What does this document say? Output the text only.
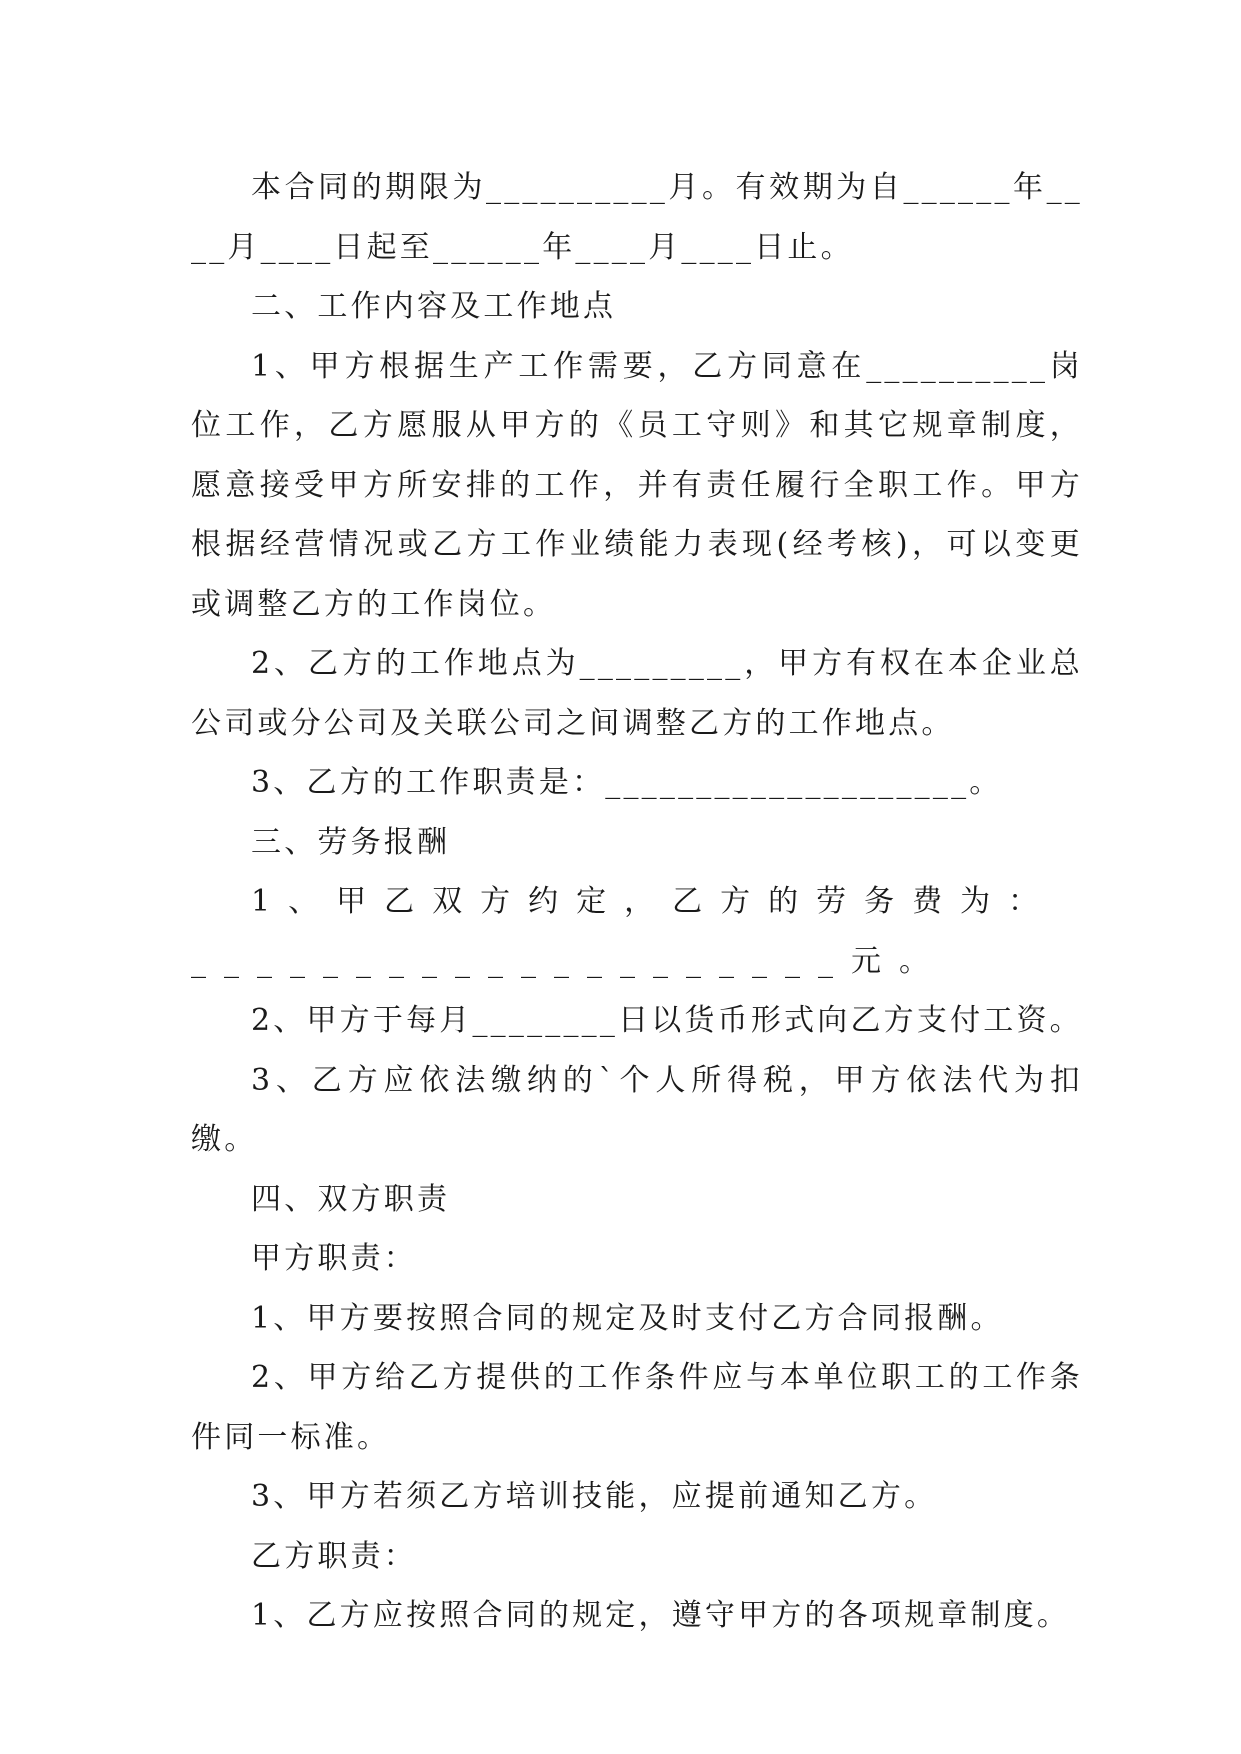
本合同的期限为__________月。有效期为自______年____月____日起至______年____月____日止。

二、工作内容及工作地点

1、甲方根据生产工作需要，乙方同意在__________岗位工作，乙方愿服从甲方的《员工守则》和其它规章制度，愿意接受甲方所安排的工作，并有责任履行全职工作。甲方根据经营情况或乙方工作业绩能力表现(经考核)，可以变更或调整乙方的工作岗位。

2、乙方的工作地点为_________，甲方有权在本企业总公司或分公司及关联公司之间调整乙方的工作地点。

3、乙方的工作职责是：____________________。

三、劳务报酬

1、甲乙双方约定，乙方的劳务费为：____________________元。

2、甲方于每月________日以货币形式向乙方支付工资。

3、乙方应依法缴纳的`个人所得税，甲方依法代为扣缴。

四、双方职责

甲方职责：

1、甲方要按照合同的规定及时支付乙方合同报酬。

2、甲方给乙方提供的工作条件应与本单位职工的工作条件同一标准。

3、甲方若须乙方培训技能，应提前通知乙方。

乙方职责：

1、乙方应按照合同的规定，遵守甲方的各项规章制度。
